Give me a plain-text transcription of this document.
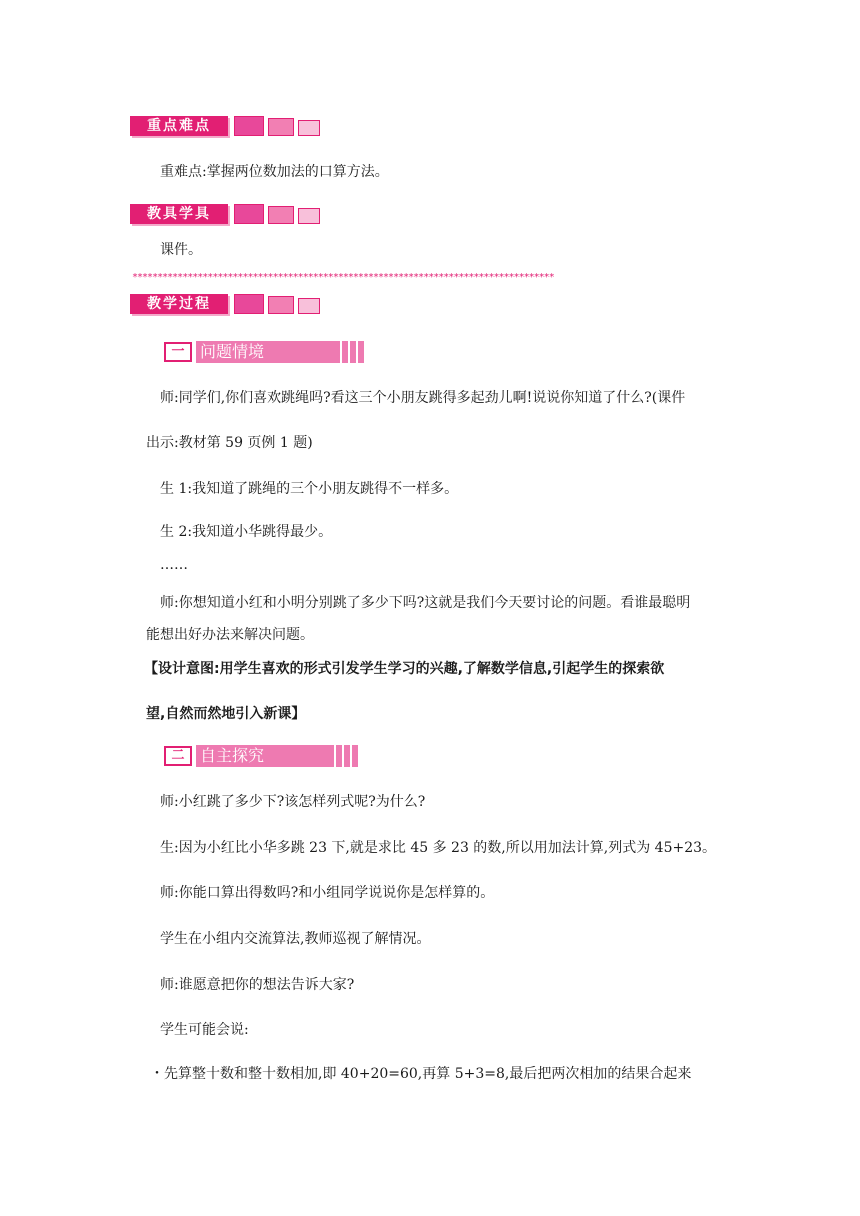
重点难点
重难点:掌握两位数加法的口算方法。
教具学具
课件。
************************************************************************************
教学过程
一 问题情境
师:同学们,你们喜欢跳绳吗?看这三个小朋友跳得多起劲儿啊!说说你知道了什么?(课件
出示:教材第 59 页例 1 题)
生 1:我知道了跳绳的三个小朋友跳得不一样多。
生 2:我知道小华跳得最少。
……
师:你想知道小红和小明分别跳了多少下吗?这就是我们今天要讨论的问题。看谁最聪明
能想出好办法来解决问题。
【设计意图:用学生喜欢的形式引发学生学习的兴趣,了解数学信息,引起学生的探索欲
望,自然而然地引入新课】
二 自主探究
师:小红跳了多少下?该怎样列式呢?为什么?
生:因为小红比小华多跳 23 下,就是求比 45 多 23 的数,所以用加法计算,列式为 45+23。
师:你能口算出得数吗?和小组同学说说你是怎样算的。
学生在小组内交流算法,教师巡视了解情况。
师:谁愿意把你的想法告诉大家?
学生可能会说:
・先算整十数和整十数相加,即 40+20=60,再算 5+3=8,最后把两次相加的结果合起来
